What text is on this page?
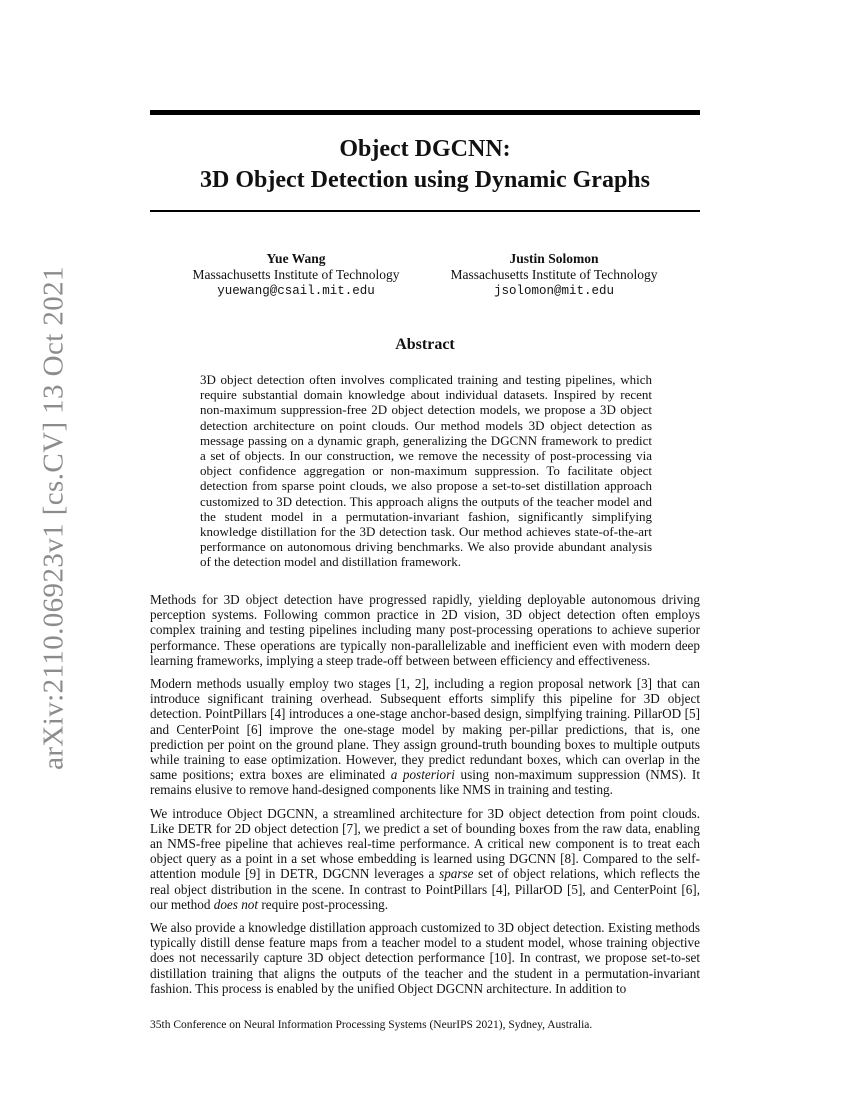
arXiv:2110.06923v1 [cs.CV] 13 Oct 2021
Object DGCNN:
3D Object Detection using Dynamic Graphs
Yue Wang
Massachusetts Institute of Technology
yuewang@csail.mit.edu
Justin Solomon
Massachusetts Institute of Technology
jsolomon@mit.edu
Abstract
3D object detection often involves complicated training and testing pipelines, which require substantial domain knowledge about individual datasets. Inspired by recent non-maximum suppression-free 2D object detection models, we propose a 3D object detection architecture on point clouds. Our method models 3D object detection as message passing on a dynamic graph, generalizing the DGCNN framework to predict a set of objects. In our construction, we remove the necessity of post-processing via object confidence aggregation or non-maximum suppression. To facilitate object detection from sparse point clouds, we also propose a set-to-set distillation approach customized to 3D detection. This approach aligns the outputs of the teacher model and the student model in a permutation-invariant fashion, significantly simplifying knowledge distillation for the 3D detection task. Our method achieves state-of-the-art performance on autonomous driving benchmarks. We also provide abundant analysis of the detection model and distillation framework.

Methods for 3D object detection have progressed rapidly, yielding deployable autonomous driving perception systems. Following common practice in 2D vision, 3D object detection often employs complex training and testing pipelines including many post-processing operations to achieve superior performance. These operations are typically non-parallelizable and inefficient even with modern deep learning frameworks, implying a steep trade-off between between efficiency and effectiveness.

Modern methods usually employ two stages [1, 2], including a region proposal network [3] that can introduce significant training overhead. Subsequent efforts simplify this pipeline for 3D object detection. PointPillars [4] introduces a one-stage anchor-based design, simplfying training. PillarOD [5] and CenterPoint [6] improve the one-stage model by making per-pillar predictions, that is, one prediction per point on the ground plane. They assign ground-truth bounding boxes to multiple outputs while training to ease optimization. However, they predict redundant boxes, which can overlap in the same positions; extra boxes are eliminated a posteriori using non-maximum suppression (NMS). It remains elusive to remove hand-designed components like NMS in training and testing.

We introduce Object DGCNN, a streamlined architecture for 3D object detection from point clouds. Like DETR for 2D object detection [7], we predict a set of bounding boxes from the raw data, enabling an NMS-free pipeline that achieves real-time performance. A critical new component is to treat each object query as a point in a set whose embedding is learned using DGCNN [8]. Compared to the self-attention module [9] in DETR, DGCNN leverages a sparse set of object relations, which reflects the real object distribution in the scene. In contrast to PointPillars [4], PillarOD [5], and CenterPoint [6], our method does not require post-processing.

We also provide a knowledge distillation approach customized to 3D object detection. Existing methods typically distill dense feature maps from a teacher model to a student model, whose training objective does not necessarily capture 3D object detection performance [10]. In contrast, we propose set-to-set distillation training that aligns the outputs of the teacher and the student in a permutation-invariant fashion. This process is enabled by the unified Object DGCNN architecture. In addition to

35th Conference on Neural Information Processing Systems (NeurIPS 2021), Sydney, Australia.
